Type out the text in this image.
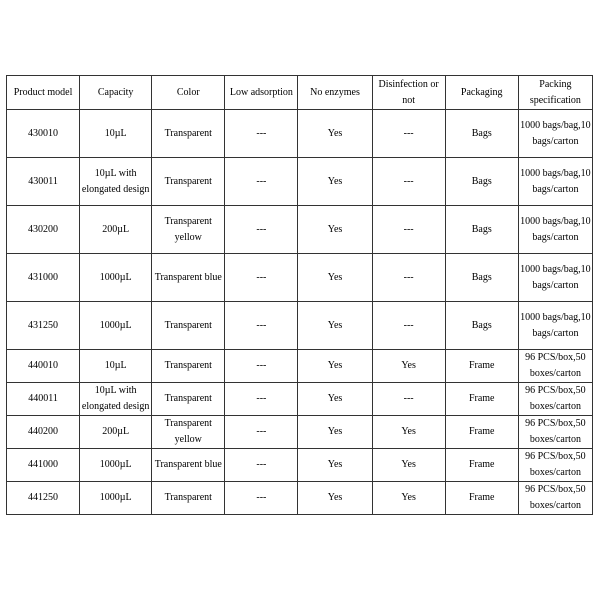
Product model	Capacity	Color	Low adsorption	No enzymes	Disinfection or not	Packaging	Packing specification

430010	10µL	Transparent	---	Yes	---	Bags	1000 bags/bag,10 bags/carton

430011	10µL with elongated design	Transparent	---	Yes	---	Bags	1000 bags/bag,10 bags/carton

430200	200µL	Transparent yellow	---	Yes	---	Bags	1000 bags/bag,10 bags/carton

431000	1000µL	Transparent blue	---	Yes	---	Bags	1000 bags/bag,10 bags/carton

431250	1000µL	Transparent	---	Yes	---	Bags	1000 bags/bag,10 bags/carton

440010	10µL	Transparent	---	Yes	Yes	Frame	96 PCS/box,50 boxes/carton

440011	10µL with elongated design	Transparent	---	Yes	---	Frame	96 PCS/box,50 boxes/carton

440200	200µL	Transparent yellow	---	Yes	Yes	Frame	96 PCS/box,50 boxes/carton

441000	1000µL	Transparent blue	---	Yes	Yes	Frame	96 PCS/box,50 boxes/carton

441250	1000µL	Transparent	---	Yes	Yes	Frame	96 PCS/box,50 boxes/carton
